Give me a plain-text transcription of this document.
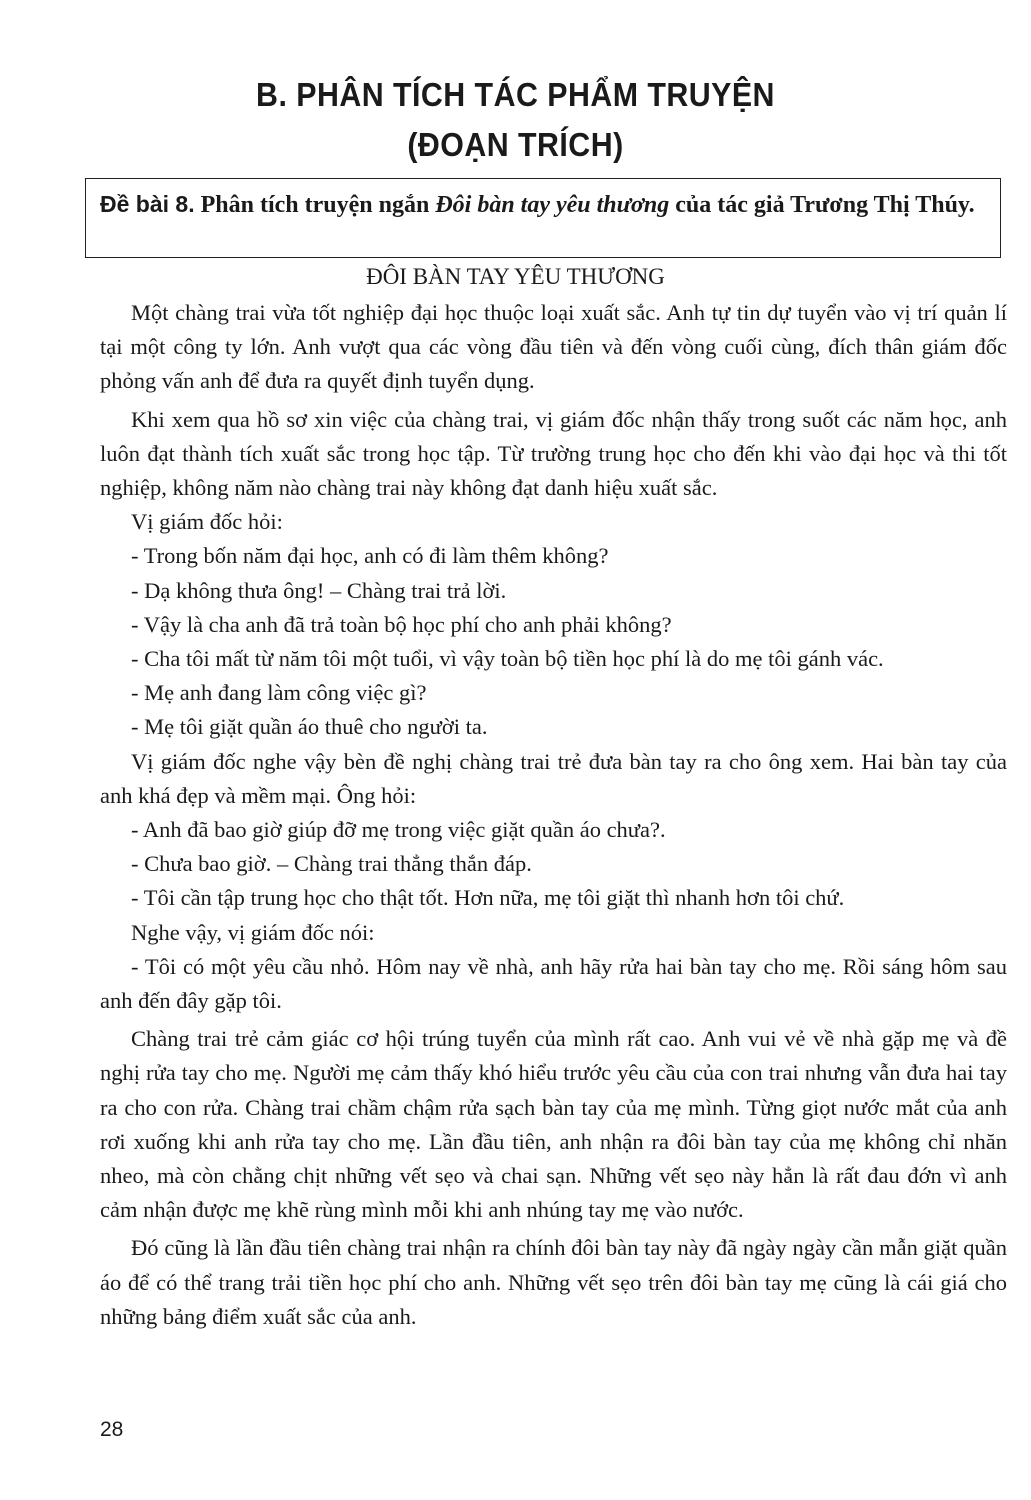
B. PHÂN TÍCH TÁC PHẨM TRUYỆN
(ĐOẠN TRÍCH)
Đề bài 8. Phân tích truyện ngắn Đôi bàn tay yêu thương của tác giả Trương Thị Thúy.
ĐÔI BÀN TAY YÊU THƯƠNG

Một chàng trai vừa tốt nghiệp đại học thuộc loại xuất sắc. Anh tự tin dự tuyển vào vị trí quản lí tại một công ty lớn. Anh vượt qua các vòng đầu tiên và đến vòng cuối cùng, đích thân giám đốc phỏng vấn anh để đưa ra quyết định tuyển dụng.

Khi xem qua hồ sơ xin việc của chàng trai, vị giám đốc nhận thấy trong suốt các năm học, anh luôn đạt thành tích xuất sắc trong học tập. Từ trường trung học cho đến khi vào đại học và thi tốt nghiệp, không năm nào chàng trai này không đạt danh hiệu xuất sắc.

Vị giám đốc hỏi:

- Trong bốn năm đại học, anh có đi làm thêm không?

- Dạ không thưa ông! – Chàng trai trả lời.

- Vậy là cha anh đã trả toàn bộ học phí cho anh phải không?

- Cha tôi mất từ năm tôi một tuổi, vì vậy toàn bộ tiền học phí là do mẹ tôi gánh vác.

- Mẹ anh đang làm công việc gì?

- Mẹ tôi giặt quần áo thuê cho người ta.

Vị giám đốc nghe vậy bèn đề nghị chàng trai trẻ đưa bàn tay ra cho ông xem. Hai bàn tay của anh khá đẹp và mềm mại. Ông hỏi:

- Anh đã bao giờ giúp đỡ mẹ trong việc giặt quần áo chưa?.

- Chưa bao giờ. – Chàng trai thẳng thắn đáp.

- Tôi cần tập trung học cho thật tốt. Hơn nữa, mẹ tôi giặt thì nhanh hơn tôi chứ.

Nghe vậy, vị giám đốc nói:

- Tôi có một yêu cầu nhỏ. Hôm nay về nhà, anh hãy rửa hai bàn tay cho mẹ. Rồi sáng hôm sau anh đến đây gặp tôi.

Chàng trai trẻ cảm giác cơ hội trúng tuyển của mình rất cao. Anh vui vẻ về nhà gặp mẹ và đề nghị rửa tay cho mẹ. Người mẹ cảm thấy khó hiểu trước yêu cầu của con trai nhưng vẫn đưa hai tay ra cho con rửa. Chàng trai chầm chậm rửa sạch bàn tay của mẹ mình. Từng giọt nước mắt của anh rơi xuống khi anh rửa tay cho mẹ. Lần đầu tiên, anh nhận ra đôi bàn tay của mẹ không chỉ nhăn nheo, mà còn chằng chịt những vết sẹo và chai sạn. Những vết sẹo này hẳn là rất đau đớn vì anh cảm nhận được mẹ khẽ rùng mình mỗi khi anh nhúng tay mẹ vào nước.

Đó cũng là lần đầu tiên chàng trai nhận ra chính đôi bàn tay này đã ngày ngày cần mẫn giặt quần áo để có thể trang trải tiền học phí cho anh. Những vết sẹo trên đôi bàn tay mẹ cũng là cái giá cho những bảng điểm xuất sắc của anh.

28
